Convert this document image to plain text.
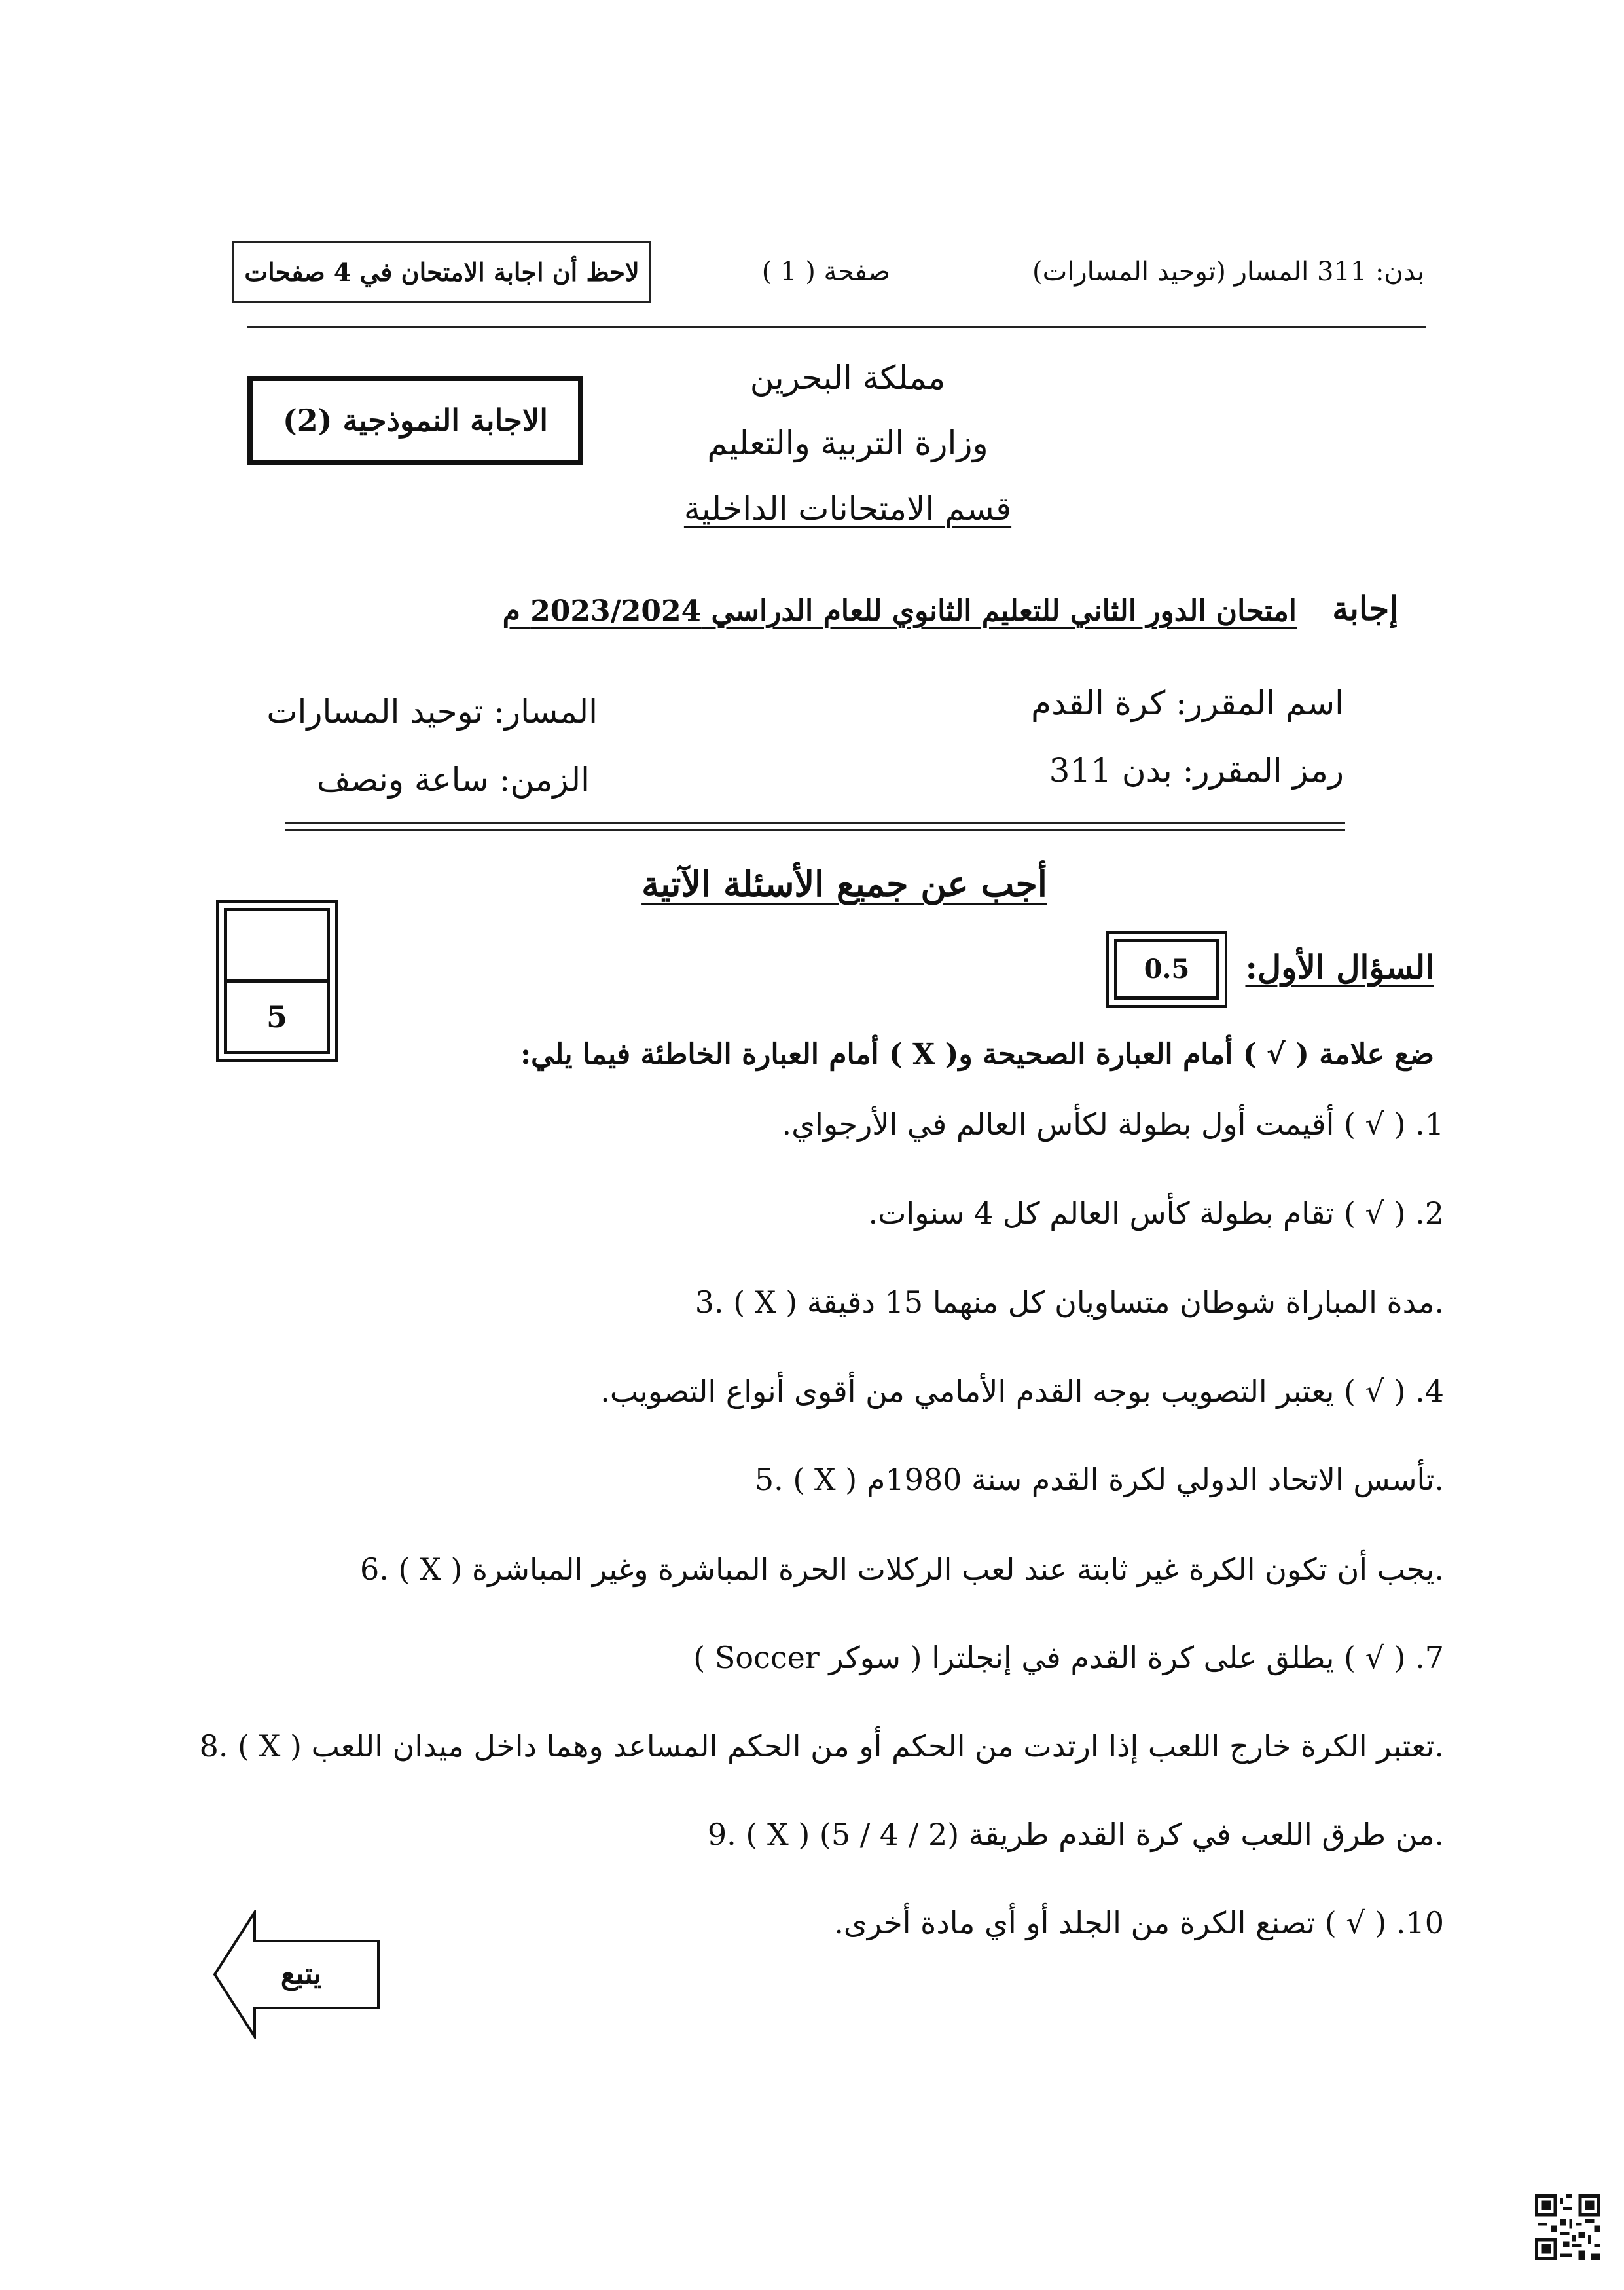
بدن: 311 المسار (توحيد المسارات)
صفحة ( 1 )
لاحظ أن اجابة الامتحان في 4 صفحات
مملكة البحرين
وزارة التربية والتعليم
قسم الامتحانات الداخلية
الاجابة النموذجية (2)
إجابة
امتحان الدور الثاني للتعليم الثانوي للعام الدراسي 2023/2024 م
اسم المقرر: كرة القدم
المسار: توحيد المسارات
رمز المقرر: بدن 311
الزمن: ساعة ونصف
أجب عن جميع الأسئلة الآتية
5
السؤال الأول:
0.5
ضع علامة ( √ ) أمام العبارة الصحيحة و( X ) أمام العبارة الخاطئة فيما يلي:
1. ( √ ) أقيمت أول بطولة لكأس العالم في الأرجواي.
2. ( √ ) تقام بطولة كأس العالم كل 4 سنوات.
3. ( X ) مدة المباراة شوطان متساويان كل منهما 15 دقيقة.
4. ( √ ) يعتبر التصويب بوجه القدم الأمامي من أقوى أنواع التصويب.
5. ( X ) تأسس الاتحاد الدولي لكرة القدم سنة 1980م.
6. ( X ) يجب أن تكون الكرة غير ثابتة عند لعب الركلات الحرة المباشرة وغير المباشرة.
7. ( √ ) يطلق على كرة القدم في إنجلترا ( سوكر Soccer )
8. ( X ) تعتبر الكرة خارج اللعب إذا ارتدت من الحكم أو من الحكم المساعد وهما داخل ميدان اللعب.
9. ( X ) من طرق اللعب في كرة القدم طريقة (2 / 4 / 5).
10. ( √ ) تصنع الكرة من الجلد أو أي مادة أخرى.
يتبع
